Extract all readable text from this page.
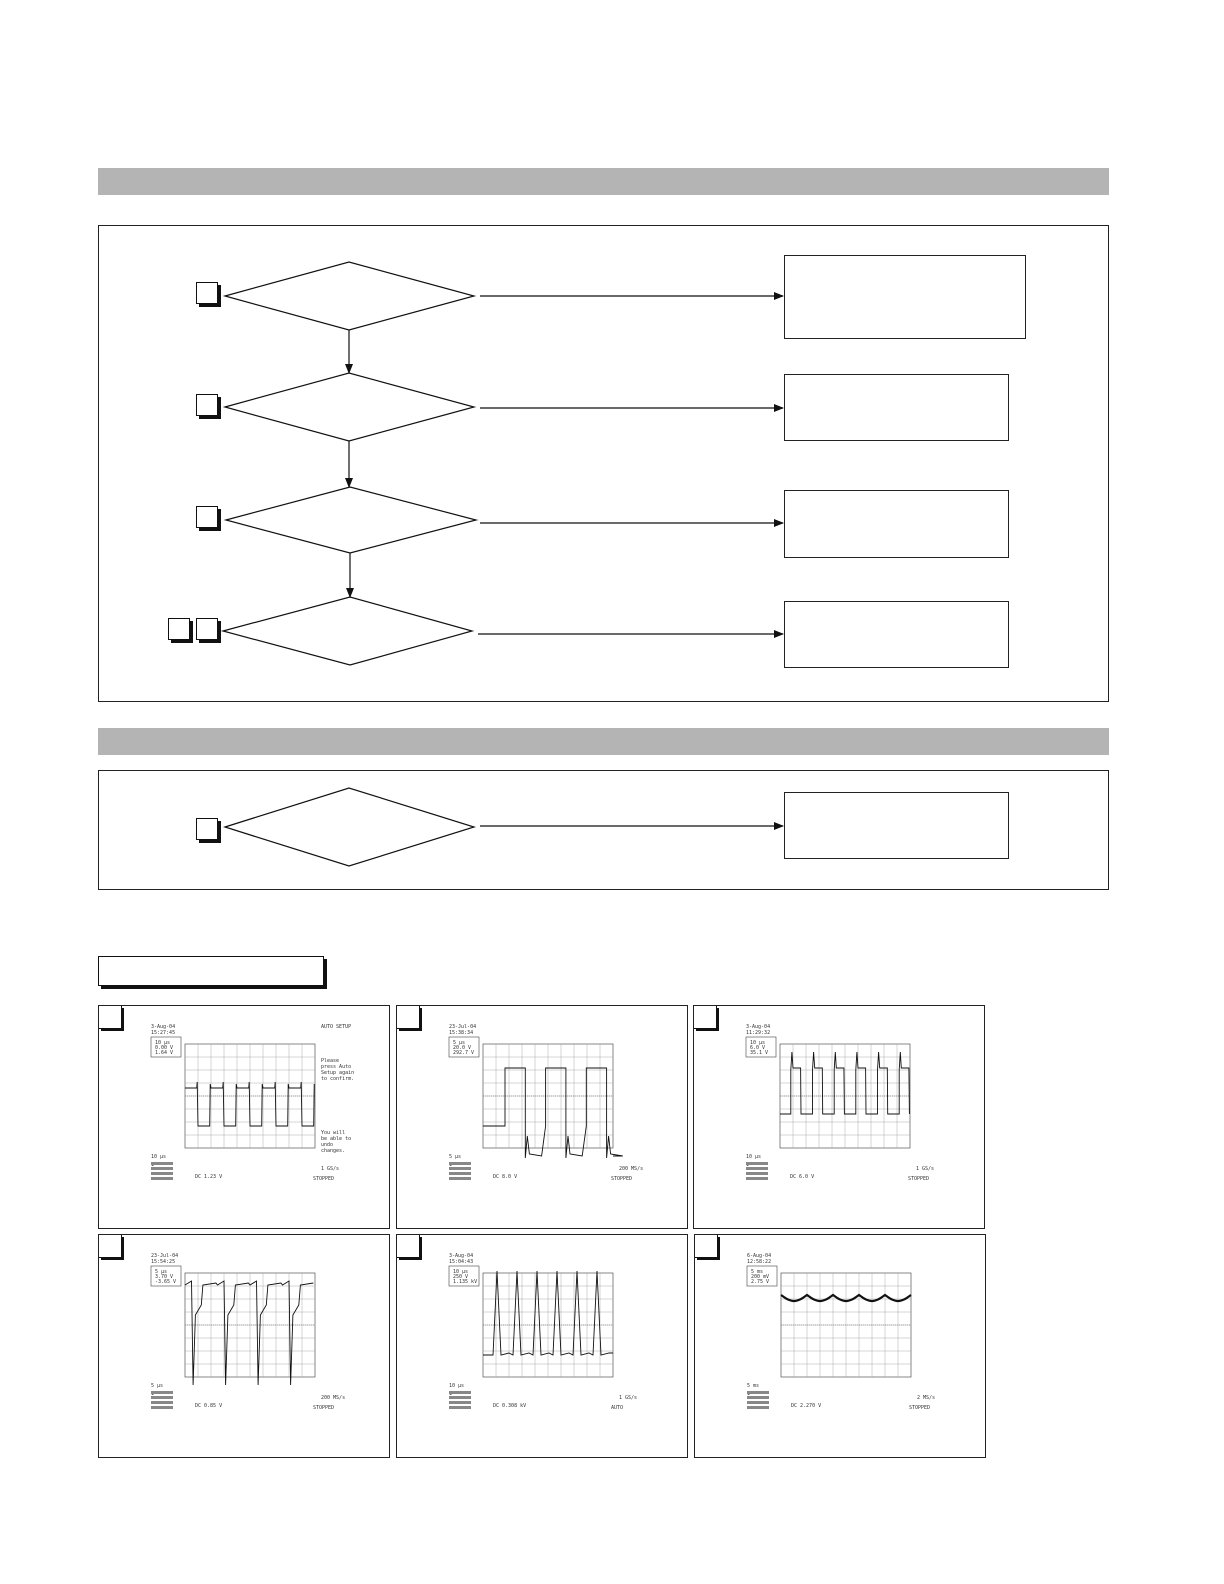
3-Aug-04
15:27:45
10 μs
0.00 V
1.64 V
AUTO SETUP
Please
press Auto
Setup again
to confirm.
You will
be able to
undo
changes.
10 μs
DC 1.23 V
1 GS/s
STOPPED
23-Jul-04
15:38:34
5 μs
20.0 V
292.7 V
5 μs
DC 8.0 V
200 MS/s
STOPPED
3-Aug-04
11:29:32
10 μs
6.0 V
35.1 V
10 μs
DC 6.0 V
1 GS/s
STOPPED
23-Jul-04
15:54:25
5 μs
3.70 V
-3.65 V
5 μs
DC 0.85 V
200 MS/s
STOPPED
3-Aug-04
15:04:43
10 μs
250 V
1.135 kV
10 μs
DC 0.308 kV
1 GS/s
AUTO
6-Aug-04
12:58:22
5 ms
200 mV
2.75 V
5 ms
DC 2.270 V
2 MS/s
STOPPED
